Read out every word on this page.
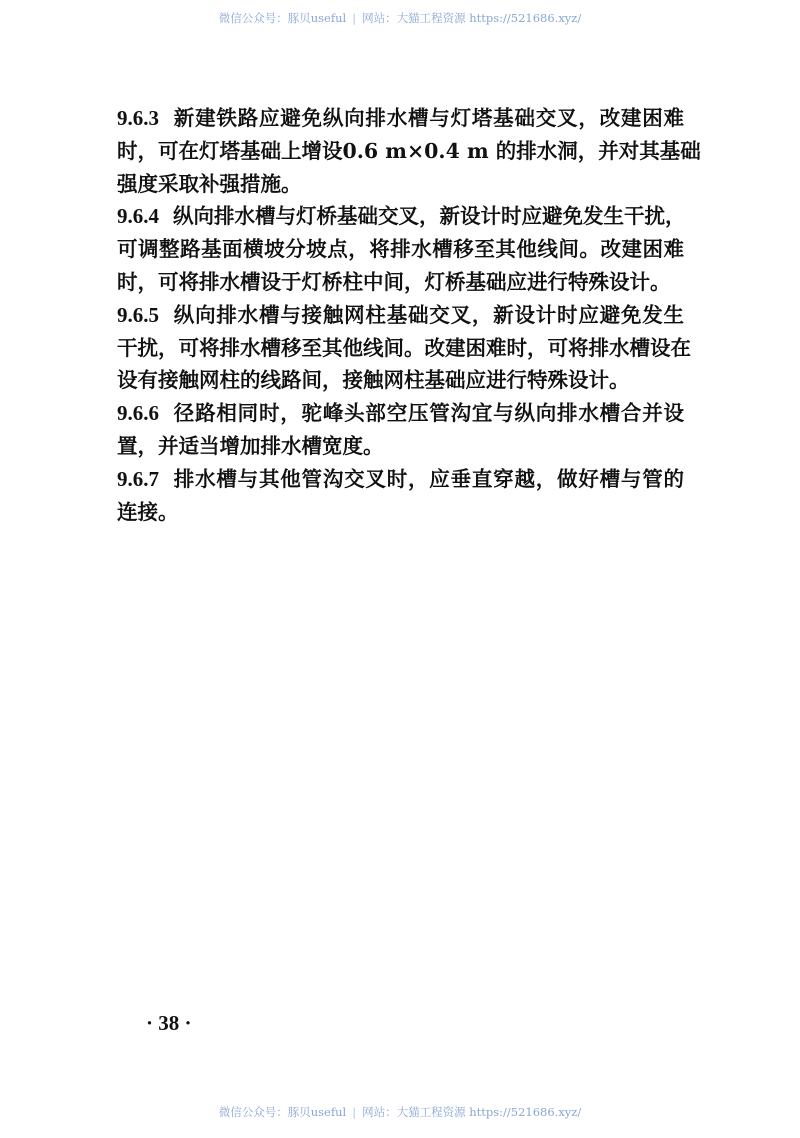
微信公众号：豚贝useful | 网站：大猫工程资源 https://521686.xyz/
9.6.3 新建铁路应避免纵向排水槽与灯塔基础交叉，改建困难
时，可在灯塔基础上增设0.6 m×0.4 m 的排水洞，并对其基础
强度采取补强措施。
9.6.4 纵向排水槽与灯桥基础交叉，新设计时应避免发生干扰，
可调整路基面横坡分坡点，将排水槽移至其他线间。改建困难
时，可将排水槽设于灯桥柱中间，灯桥基础应进行特殊设计。
9.6.5 纵向排水槽与接触网柱基础交叉，新设计时应避免发生
干扰，可将排水槽移至其他线间。改建困难时，可将排水槽设在
设有接触网柱的线路间，接触网柱基础应进行特殊设计。
9.6.6 径路相同时，驼峰头部空压管沟宜与纵向排水槽合并设
置，并适当增加排水槽宽度。
9.6.7 排水槽与其他管沟交叉时，应垂直穿越，做好槽与管的
连接。
· 38 ·
微信公众号：豚贝useful | 网站：大猫工程资源 https://521686.xyz/
